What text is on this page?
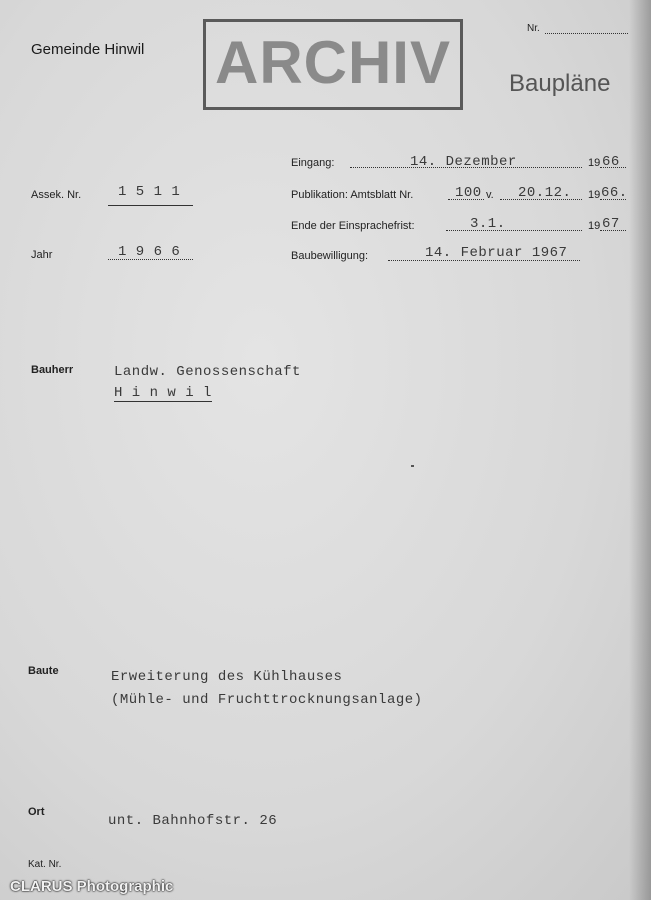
Gemeinde Hinwil ARCHIV
Nr.
Baupläne
Assek. Nr.	1 5 1 1
Jahr	1 9 6 6
Eingang:	14. Dezember	19 66
Publikation: Amtsblatt Nr.	100 v. 20.12. 19 66.
Ende der Einsprachefrist:	3.1.	19 67
Baubewilligung:	14. Februar 1967
Bauherr	Landw. Genossenschaft
H i n w i l
Baute	Erweiterung des Kühlhauses
(Mühle- und Fruchttrocknungsanlage)
Ort
unt. Bahnhofstr. 26
Kat. Nr.
CLARUS Photographic
